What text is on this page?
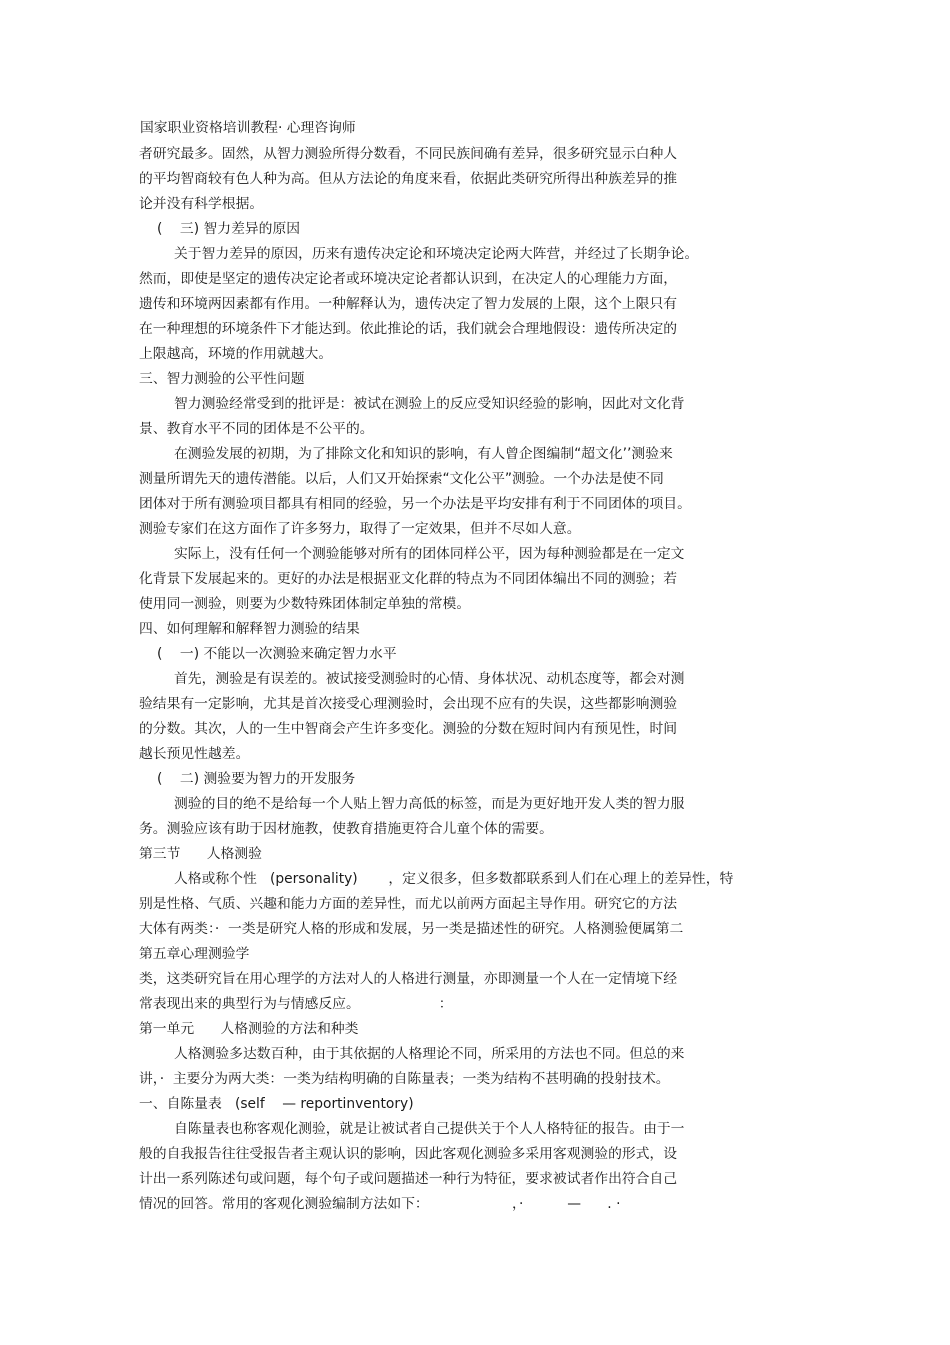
国家职业资格培训教程· 心理咨询师
者研究最多。固然，从智力测验所得分数看，不同民族间确有差异，很多研究显示白种人
的平均智商较有色人种为高。但从方法论的角度来看，依据此类研究所得出种族差异的推
论并没有科学根据。
(    三) 智力差异的原因
关于智力差异的原因，历来有遗传决定论和环境决定论两大阵营，并经过了长期争论。
然而，即使是坚定的遗传决定论者或环境决定论者都认识到，在决定人的心理能力方面，
遗传和环境两因素都有作用。一种解释认为，遗传决定了智力发展的上限，这个上限只有
在一种理想的环境条件下才能达到。依此推论的话，我们就会合理地假设：遗传所决定的
上限越高，环境的作用就越大。
三、智力测验的公平性问题
智力测验经常受到的批评是：被试在测验上的反应受知识经验的影响，因此对文化背
景、教育水平不同的团体是不公平的。
在测验发展的初期，为了排除文化和知识的影响，有人曾企图编制“超文化’’测验来
测量所谓先天的遗传潜能。以后，人们又开始探索“文化公平”测验。一个办法是使不同
团体对于所有测验项目都具有相同的经验，另一个办法是平均安排有利于不同团体的项目。
测验专家们在这方面作了许多努力，取得了一定效果，但并不尽如人意。
实际上，没有任何一个测验能够对所有的团体同样公平，因为每种测验都是在一定文
化背景下发展起来的。更好的办法是根据亚文化群的特点为不同团体编出不同的测验；若
使用同一测验，则要为少数特殊团体制定单独的常模。
四、如何理解和解释智力测验的结果
(    一) 不能以一次测验来确定智力水平
首先，测验是有误差的。被试接受测验时的心情、身体状况、动机态度等，都会对测
验结果有一定影响，尤其是首次接受心理测验时，会出现不应有的失误，这些都影响测验
的分数。其次，人的一生中智商会产生许多变化。测验的分数在短时间内有预见性，时间
越长预见性越差。
(    二) 测验要为智力的开发服务
测验的目的绝不是给每一个人贴上智力高低的标签，而是为更好地开发人类的智力服
务。测验应该有助于因材施教，使教育措施更符合儿童个体的需要。
第三节      人格测验
人格或称个性   (personality)       ，定义很多，但多数都联系到人们在心理上的差异性，特
别是性格、气质、兴趣和能力方面的差异性，而尤以前两方面起主导作用。研究它的方法
大体有两类：·  一类是研究人格的形成和发展，另一类是描述性的研究。人格测验便属第二
第五章心理测验学
类，这类研究旨在用心理学的方法对人的人格进行测量，亦即测量一个人在一定情境下经
常表现出来的典型行为与情感反应。                  ：
第一单元      人格测验的方法和种类
人格测验多达数百种，由于其依据的人格理论不同，所采用的方法也不同。但总的来
讲，·  主要分为两大类：一类为结构明确的自陈量表；一类为结构不甚明确的投射技术。
一、自陈量表   (self    — reportinventory)
自陈量表也称客观化测验，就是让被试者自己提供关于个人人格特征的报告。由于一
般的自我报告往往受报告者主观认识的影响，因此客观化测验多采用客观测验的形式，设
计出一系列陈述句或问题，每个句子或问题描述一种行为特征，要求被试者作出符合自己
情况的回答。常用的客观化测验编制方法如下：                   ，·          —      . ·
